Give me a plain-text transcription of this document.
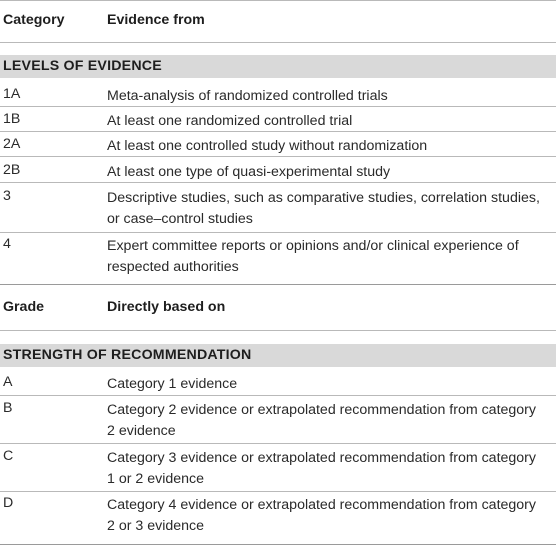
Category	Evidence from
LEVELS OF EVIDENCE
1A	Meta-analysis of randomized controlled trials
1B	At least one randomized controlled trial
2A	At least one controlled study without randomization
2B	At least one type of quasi-experimental study
3	Descriptive studies, such as comparative studies, correlation studies, or case–control studies
4	Expert committee reports or opinions and/or clinical experience of respected authorities
Grade	Directly based on
STRENGTH OF RECOMMENDATION
A	Category 1 evidence
B	Category 2 evidence or extrapolated recommendation from category 2 evidence
C	Category 3 evidence or extrapolated recommendation from category 1 or 2 evidence
D	Category 4 evidence or extrapolated recommendation from category 2 or 3 evidence
